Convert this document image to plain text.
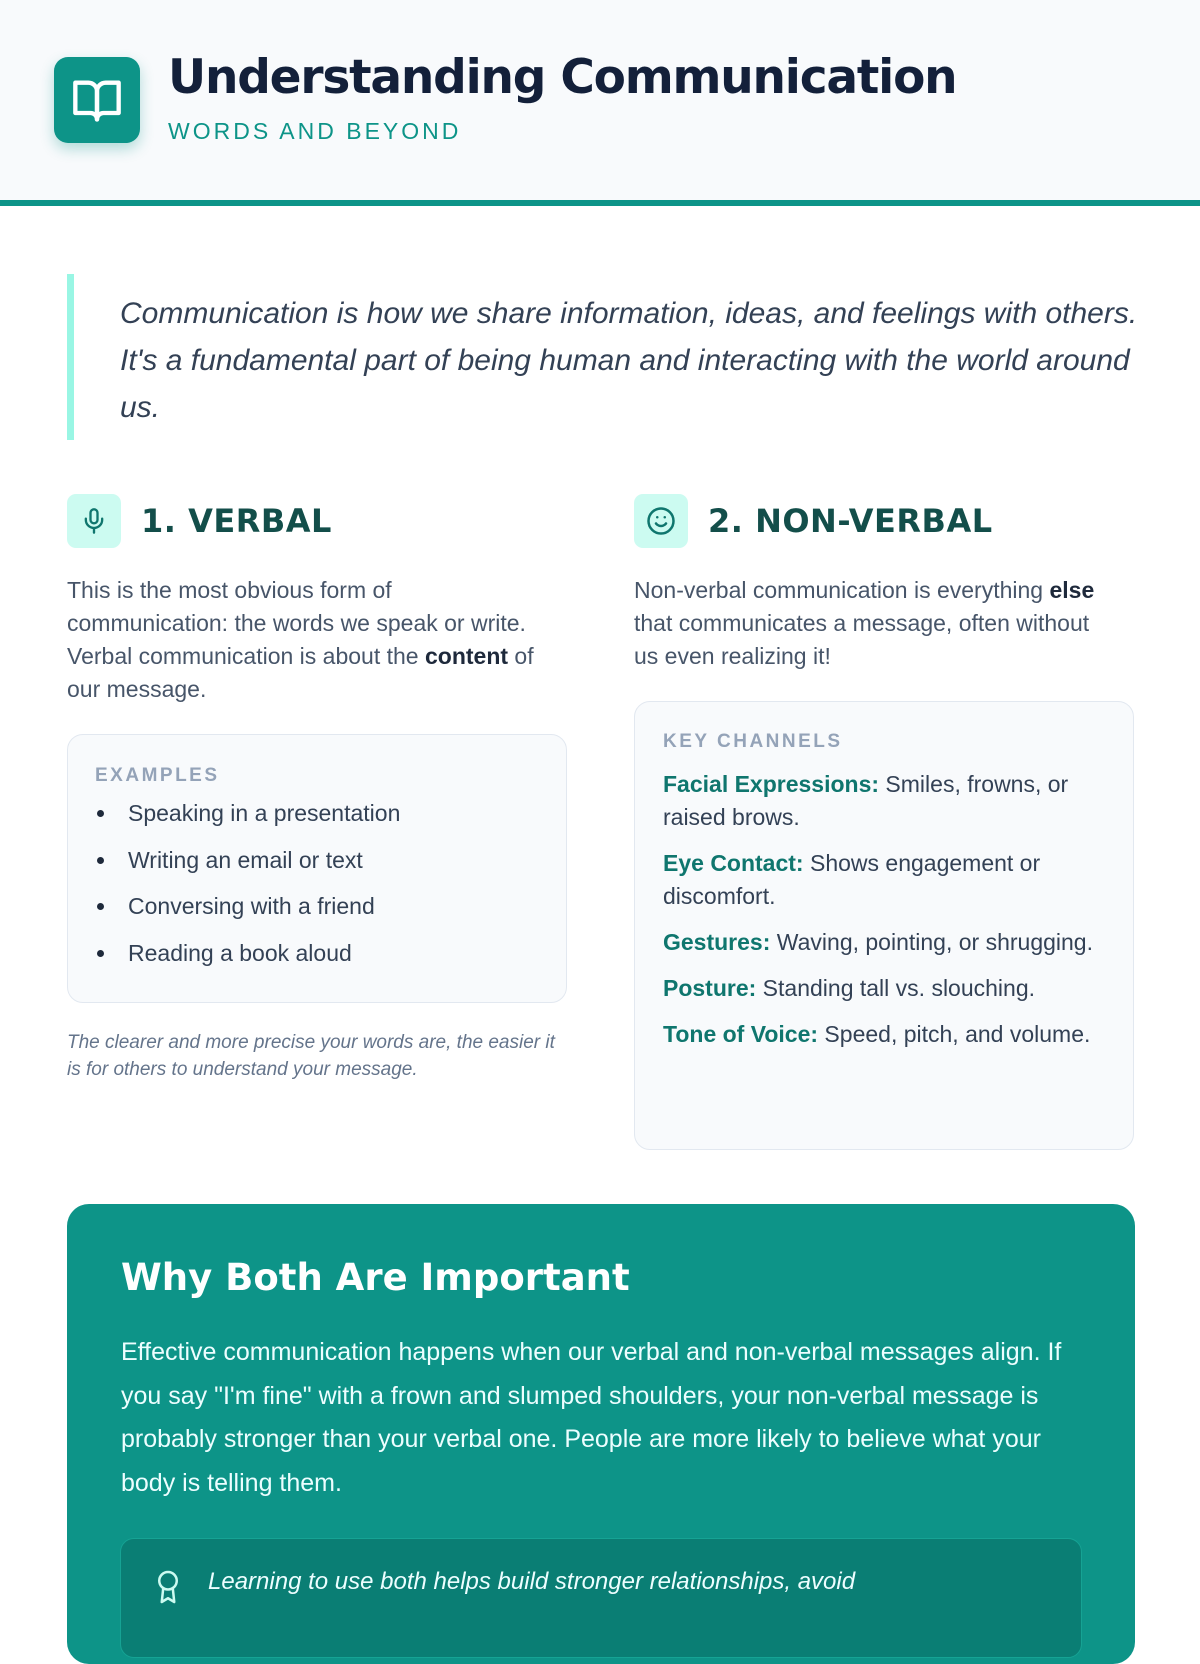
Understanding Communication
WORDS AND BEYOND

Communication is how we share information, ideas, and feelings with others. It's a fundamental part of being human and interacting with the world around us.

1. VERBAL

This is the most obvious form of communication: the words we speak or write. Verbal communication is about the content of our message.

EXAMPLES
Speaking in a presentation
Writing an email or text
Conversing with a friend
Reading a book aloud

The clearer and more precise your words are, the easier it is for others to understand your message.

2. NON-VERBAL

Non-verbal communication is everything else that communicates a message, often without us even realizing it!

KEY CHANNELS
Facial Expressions: Smiles, frowns, or raised brows.
Eye Contact: Shows engagement or discomfort.
Gestures: Waving, pointing, or shrugging.
Posture: Standing tall vs. slouching.
Tone of Voice: Speed, pitch, and volume.
Why Both Are Important

Effective communication happens when our verbal and non-verbal messages align. If you say "I'm fine" with a frown and slumped shoulders, your non-verbal message is probably stronger than your verbal one. People are more likely to believe what your body is telling them.

Learning to use both helps build stronger relationships, avoid
